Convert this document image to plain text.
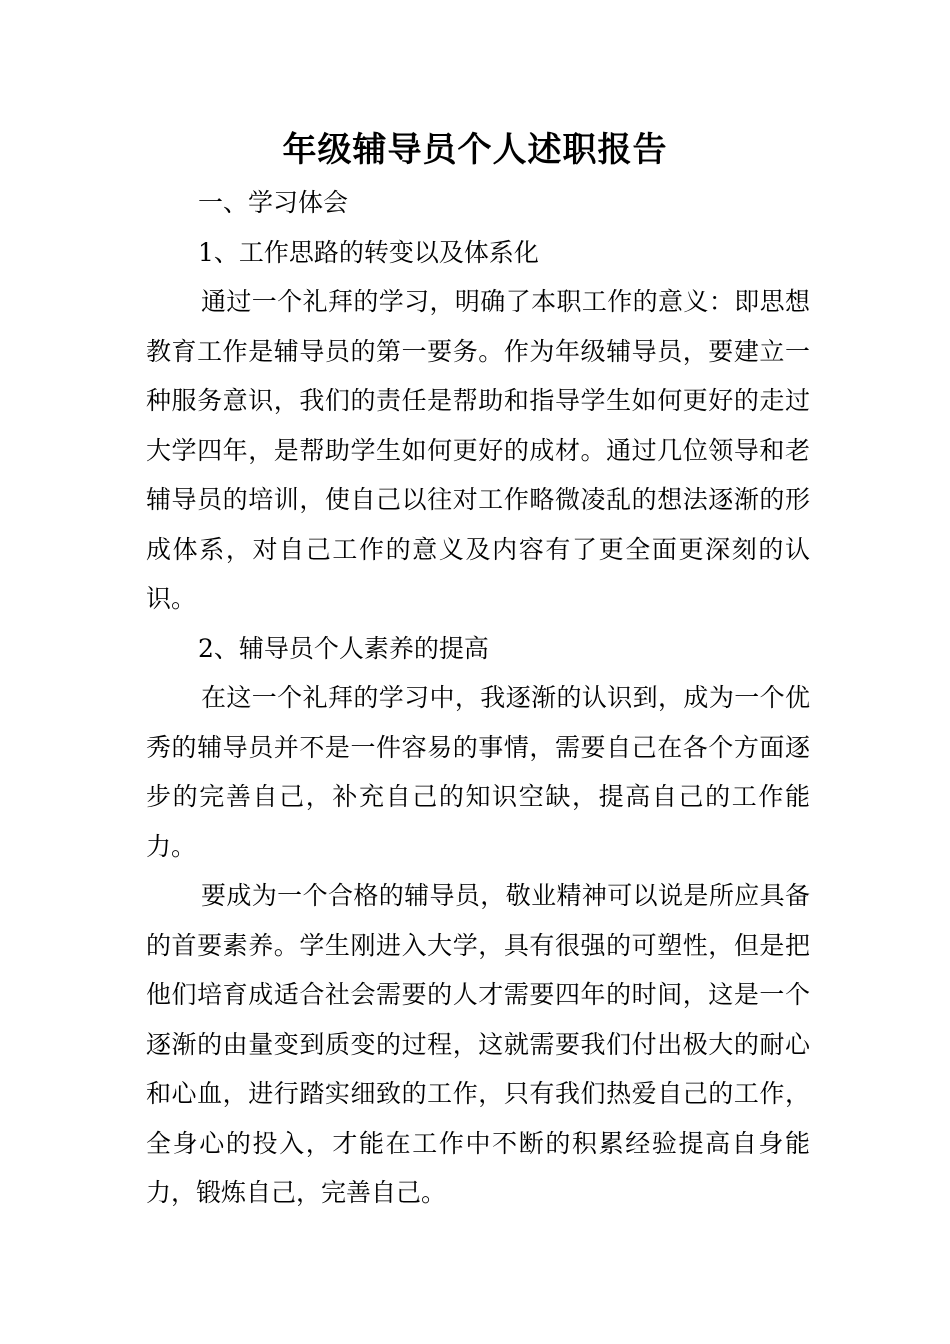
年级辅导员个人述职报告

一、学习体会

1、工作思路的转变以及体系化

通过一个礼拜的学习，明确了本职工作的意义：即思想教育工作是辅导员的第一要务。作为年级辅导员，要建立一种服务意识，我们的责任是帮助和指导学生如何更好的走过大学四年，是帮助学生如何更好的成材。通过几位领导和老辅导员的培训，使自己以往对工作略微凌乱的想法逐渐的形成体系，对自己工作的意义及内容有了更全面更深刻的认识。

2、辅导员个人素养的提高

在这一个礼拜的学习中，我逐渐的认识到，成为一个优秀的辅导员并不是一件容易的事情，需要自己在各个方面逐步的完善自己，补充自己的知识空缺，提高自己的工作能力。

要成为一个合格的辅导员，敬业精神可以说是所应具备的首要素养。学生刚进入大学，具有很强的可塑性，但是把他们培育成适合社会需要的人才需要四年的时间，这是一个逐渐的由量变到质变的过程，这就需要我们付出极大的耐心和心血，进行踏实细致的工作，只有我们热爱自己的工作，全身心的投入，才能在工作中不断的积累经验提高自身能力，锻炼自己，完善自己。
